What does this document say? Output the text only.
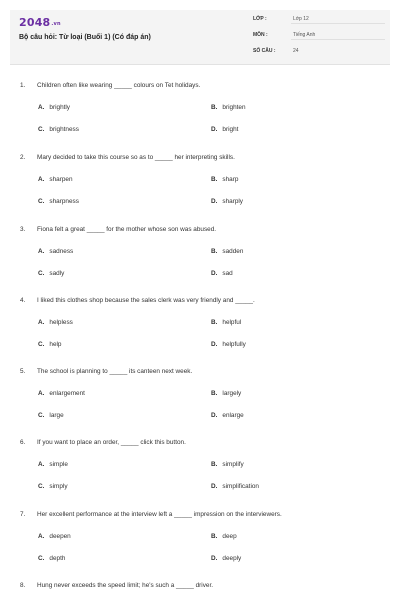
$2048^{.vn}$
Bộ câu hỏi: Từ loại (Buổi 1) (Có đáp án)
LỚP :	Lớp 12
MÔN :	Tiếng Anh
SỐ CÂU :	24
1. Children often like wearing _____ colours on Tet holidays.
A. brightly	B. brighten
C. brightness	D. bright
2. Mary decided to take this course so as to _____ her interpreting skills.
A. sharpen	B. sharp
C. sharpness	D. sharply
3. Fiona felt a great _____ for the mother whose son was abused.
A. sadness	B. sadden
C. sadly	D. sad
4. I liked this clothes shop because the sales clerk was very friendly and _____.
A. helpless	B. helpful
C. help	D. helpfully
5. The school is planning to _____ its canteen next week.
A. enlargement	B. largely
C. large	D. enlarge
6. If you want to place an order, _____ click this button.
A. simple	B. simplify
C. simply	D. simplification
7. Her excellent performance at the interview left a _____ impression on the interviewers.
A. deepen	B. deep
C. depth	D. deeply
8. Hung never exceeds the speed limit; he's such a _____ driver.
